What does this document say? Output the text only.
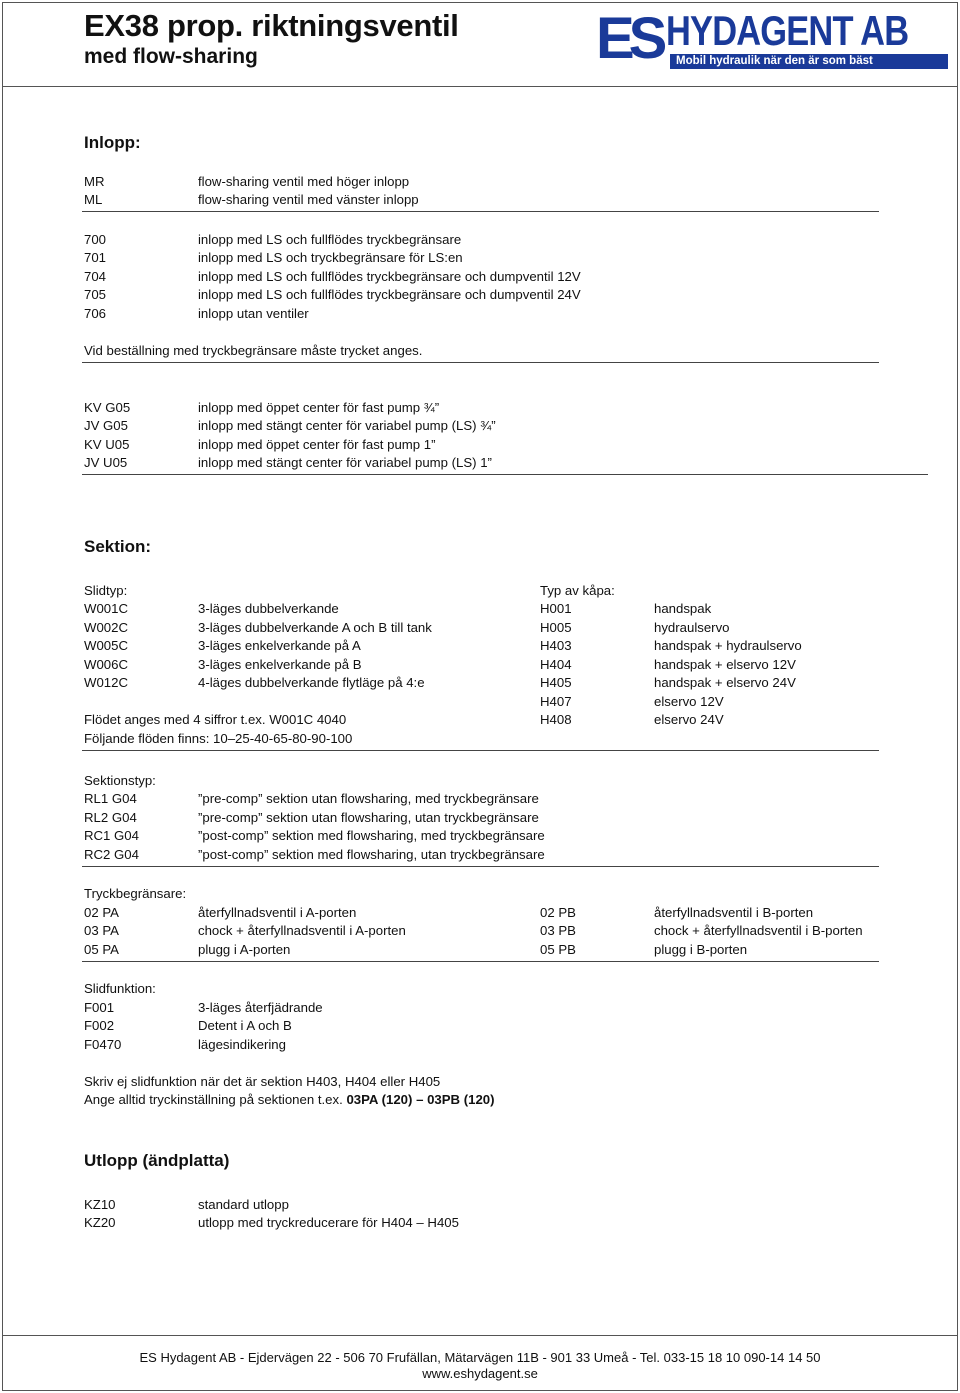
EX38 prop. riktningsventil
med flow-sharing	ES HYDAGENT AB
Mobil hydraulik när den är som bäst
Inlopp:
MR	flow-sharing ventil med höger inlopp
ML	flow-sharing ventil med vänster inlopp
700	inlopp med LS och fullflödes tryckbegränsare
701	inlopp med LS och tryckbegränsare för LS:en
704	inlopp med LS och fullflödes tryckbegränsare och dumpventil 12V
705	inlopp med LS och fullflödes tryckbegränsare och dumpventil 24V
706	inlopp utan ventiler
Vid beställning med tryckbegränsare måste trycket anges.
KV G05	inlopp med öppet center för fast pump ¾”
JV G05	inlopp med stängt center för variabel pump (LS) ¾”
KV U05	inlopp med öppet center för fast pump 1”
JV U05	inlopp med stängt center för variabel pump (LS) 1”
Sektion:
Slidtyp:	Typ av kåpa:
W001C	3-läges dubbelverkande
W002C	3-läges dubbelverkande A och B till tank
W005C	3-läges enkelverkande på A
W006C	3-läges enkelverkande på B
W012C	4-läges dubbelverkande flytläge på 4:e
H001	handspak
H005	hydraulservo
H403	handspak + hydraulservo
H404	handspak + elservo 12V
H405	handspak + elservo 24V
H407	elservo 12V
H408	elservo 24V
Flödet anges med 4 siffror t.ex. W001C 4040
Följande flöden finns: 10–25-40-65-80-90-100
Sektionstyp:
RL1 G04	”pre-comp” sektion utan flowsharing, med tryckbegränsare
RL2 G04	”pre-comp” sektion utan flowsharing, utan tryckbegränsare
RC1 G04	”post-comp” sektion med flowsharing, med tryckbegränsare
RC2 G04	”post-comp” sektion med flowsharing, utan tryckbegränsare
Tryckbegränsare:
02 PA	återfyllnadsventil i A-porten
03 PA	chock + återfyllnadsventil i A-porten
05 PA	plugg i A-porten
02 PB	återfyllnadsventil i B-porten
03 PB	chock + återfyllnadsventil i B-porten
05 PB	plugg i B-porten
Slidfunktion:
F001	3-läges återfjädrande
F002	Detent i A och B
F0470	lägesindikering
Skriv ej slidfunktion när det är sektion H403, H404 eller H405
Ange alltid tryckinställning på sektionen t.ex. 03PA (120) – 03PB (120)
Utlopp (ändplatta)
KZ10	standard utlopp
KZ20	utlopp med tryckreducerare för H404 – H405
ES Hydagent AB - Ejdervägen 22 - 506 70 Frufällan, Mätarvägen 11B - 901 33 Umeå - Tel. 033-15 18 10 090-14 14 50
www.eshydagent.se
